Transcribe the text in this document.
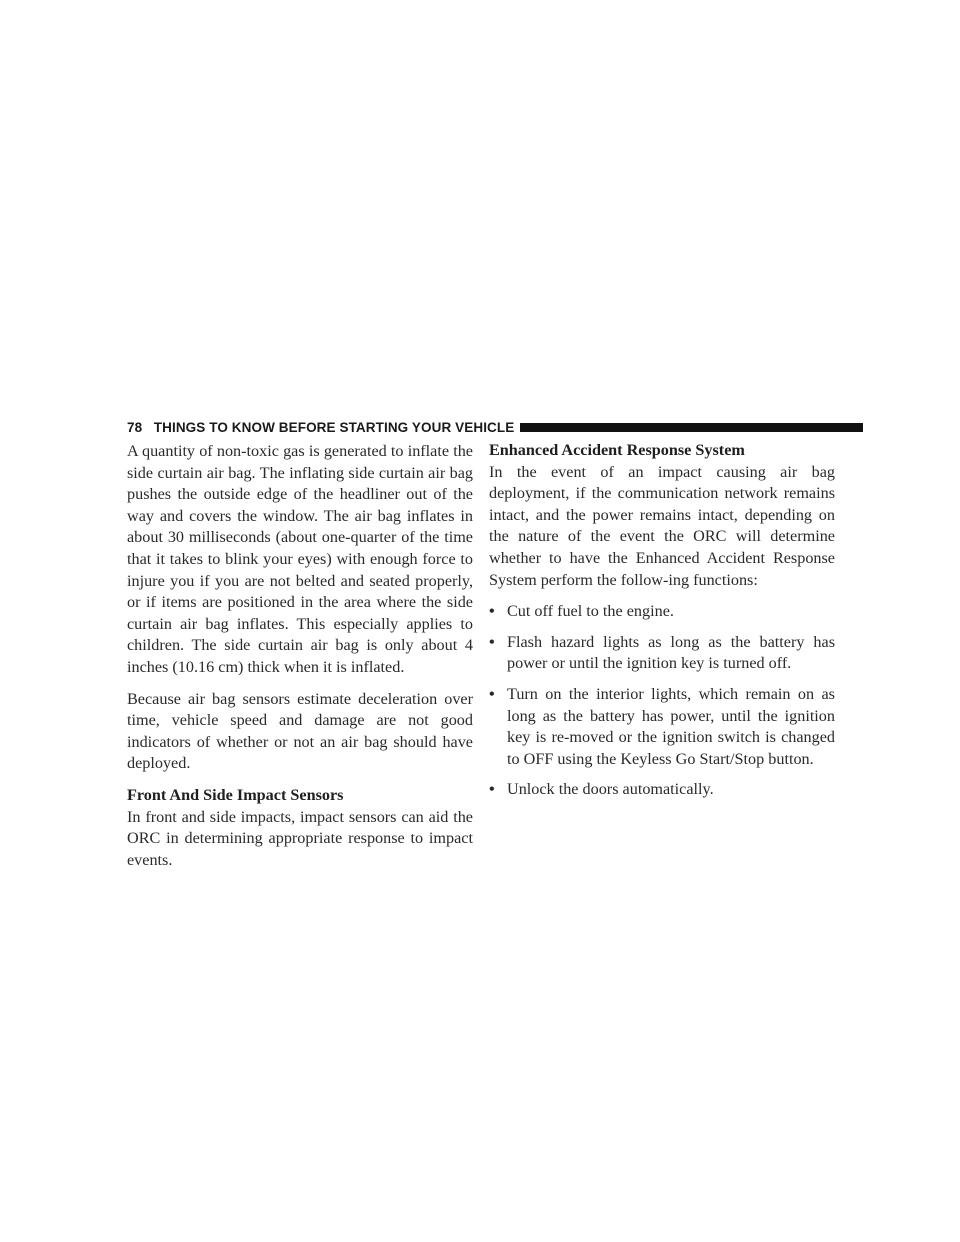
78 THINGS TO KNOW BEFORE STARTING YOUR VEHICLE

A quantity of non-toxic gas is generated to inflate the side curtain air bag. The inflating side curtain air bag pushes the outside edge of the headliner out of the way and covers the window. The air bag inflates in about 30 milliseconds (about one-quarter of the time that it takes to blink your eyes) with enough force to injure you if you are not belted and seated properly, or if items are positioned in the area where the side curtain air bag inflates. This especially applies to children. The side curtain air bag is only about 4 inches (10.16 cm) thick when it is inflated.

Because air bag sensors estimate deceleration over time, vehicle speed and damage are not good indicators of whether or not an air bag should have deployed.

Front And Side Impact Sensors

In front and side impacts, impact sensors can aid the ORC in determining appropriate response to impact events.

Enhanced Accident Response System

In the event of an impact causing air bag deployment, if the communication network remains intact, and the power remains intact, depending on the nature of the event the ORC will determine whether to have the Enhanced Accident Response System perform the follow-ing functions:

• Cut off fuel to the engine.
• Flash hazard lights as long as the battery has power or until the ignition key is turned off.
• Turn on the interior lights, which remain on as long as the battery has power, until the ignition key is re-moved or the ignition switch is changed to OFF using the Keyless Go Start/Stop button.
• Unlock the doors automatically.
